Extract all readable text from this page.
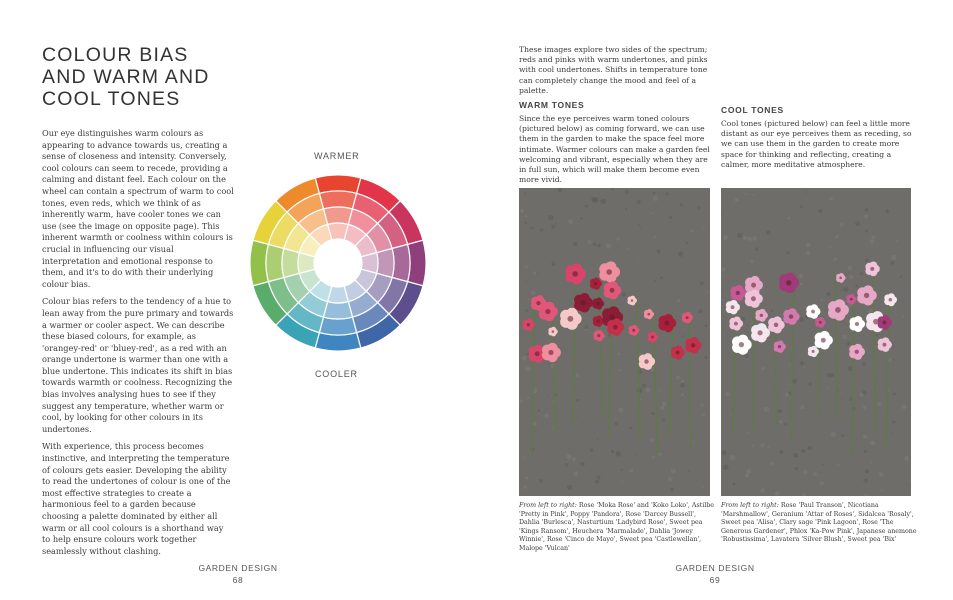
COLOUR BIAS
AND WARM AND
COOL TONES

Our eye distinguishes warm colours as appearing to advance towards us, creating a sense of closeness and intensity. Conversely, cool colours can seem to recede, providing a calming and distant feel. Each colour on the wheel can contain a spectrum of warm to cool tones, even reds, which we think of as inherently warm, have cooler tones we can use (see the image on opposite page). This inherent warmth or coolness within colours is crucial in influencing our visual interpretation and emotional response to them, and it's to do with their underlying colour bias.

Colour bias refers to the tendency of a hue to lean away from the pure primary and towards a warmer or cooler aspect. We can describe these biased colours, for example, as 'orangey-red' or 'bluey-red', as a red with an orange undertone is warmer than one with a blue undertone. This indicates its shift in bias towards warmth or coolness. Recognizing the bias involves analysing hues to see if they suggest any temperature, whether warm or cool, by looking for other colours in its undertones.

With experience, this process becomes instinctive, and interpreting the temperature of colours gets easier. Developing the ability to read the undertones of colour is one of the most effective strategies to create a harmonious feel to a garden because choosing a palette dominated by either all warm or all cool colours is a shorthand way to help ensure colours work together seamlessly without clashing.

WARMER
COOLER
GARDEN DESIGN
68

These images explore two sides of the spectrum; reds and pinks with warm undertones, and pinks with cool undertones. Shifts in temperature tone can completely change the mood and feel of a palette.

WARM TONES

Since the eye perceives warm toned colours (pictured below) as coming forward, we can use them in the garden to make the space feel more intimate. Warmer colours can make a garden feel welcoming and vibrant, especially when they are in full sun, which will make them become even more vivid.

COOL TONES

Cool tones (pictured below) can feel a little more distant as our eye perceives them as receding, so we can use them in the garden to create more space for thinking and reflecting, creating a calmer, more meditative atmosphere.

From left to right: Rose 'Moka Rose' and 'Koko Loko', Astilbe 'Pretty in Pink', Poppy 'Pandora', Rose 'Darcey Bussell', Dahlia 'Burlesca', Nasturtium 'Ladybird Rose', Sweet pea 'Kings Ransom', Heuchera 'Marmalade', Dahlia 'Jowey Winnie', Rose 'Cinco de Mayo', Sweet pea 'Castlewellan', Malope 'Vulcan'

From left to right: Rose 'Paul Transon', Nicotiana 'Marshmallow', Geranium 'Attar of Roses', Sidalcea 'Rosaly', Sweet pea 'Alisa', Clary sage 'Pink Lagoon', Rose 'The Generous Gardener', Phlox 'Ka-Pow Pink', Japanese anemone 'Robustissima', Lavatera 'Silver Blush', Sweet pea 'Bix'

GARDEN DESIGN
69
